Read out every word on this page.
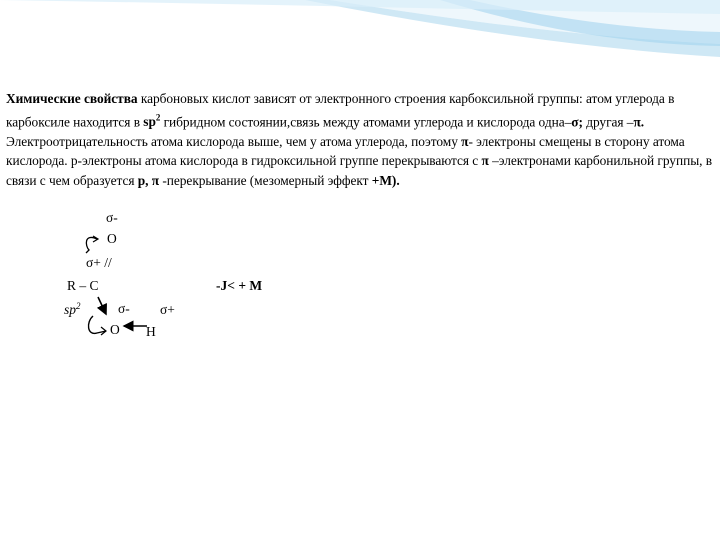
Химические свойства карбоновых кислот зависят от электронного строения карбоксильной группы: атом углерода в карбоксиле находится в $sp^2$ гибридном состоянии,связь между атомами углерода и кислорода одна–σ; другая –π. Электроотрицательность атома кислорода выше, чем у атома углерода, поэтому π- электроны смещены в сторону атома кислорода. р-электроны атома кислорода в гидроксильной группе перекрываются с π –электронами карбонильной группы, в связи с чем образуется p, π -перекрывание (мезомерный эффект +M).
σ-
O
σ+ //
R – C	-J< + M
$sp^2$	σ- σ+
O H
